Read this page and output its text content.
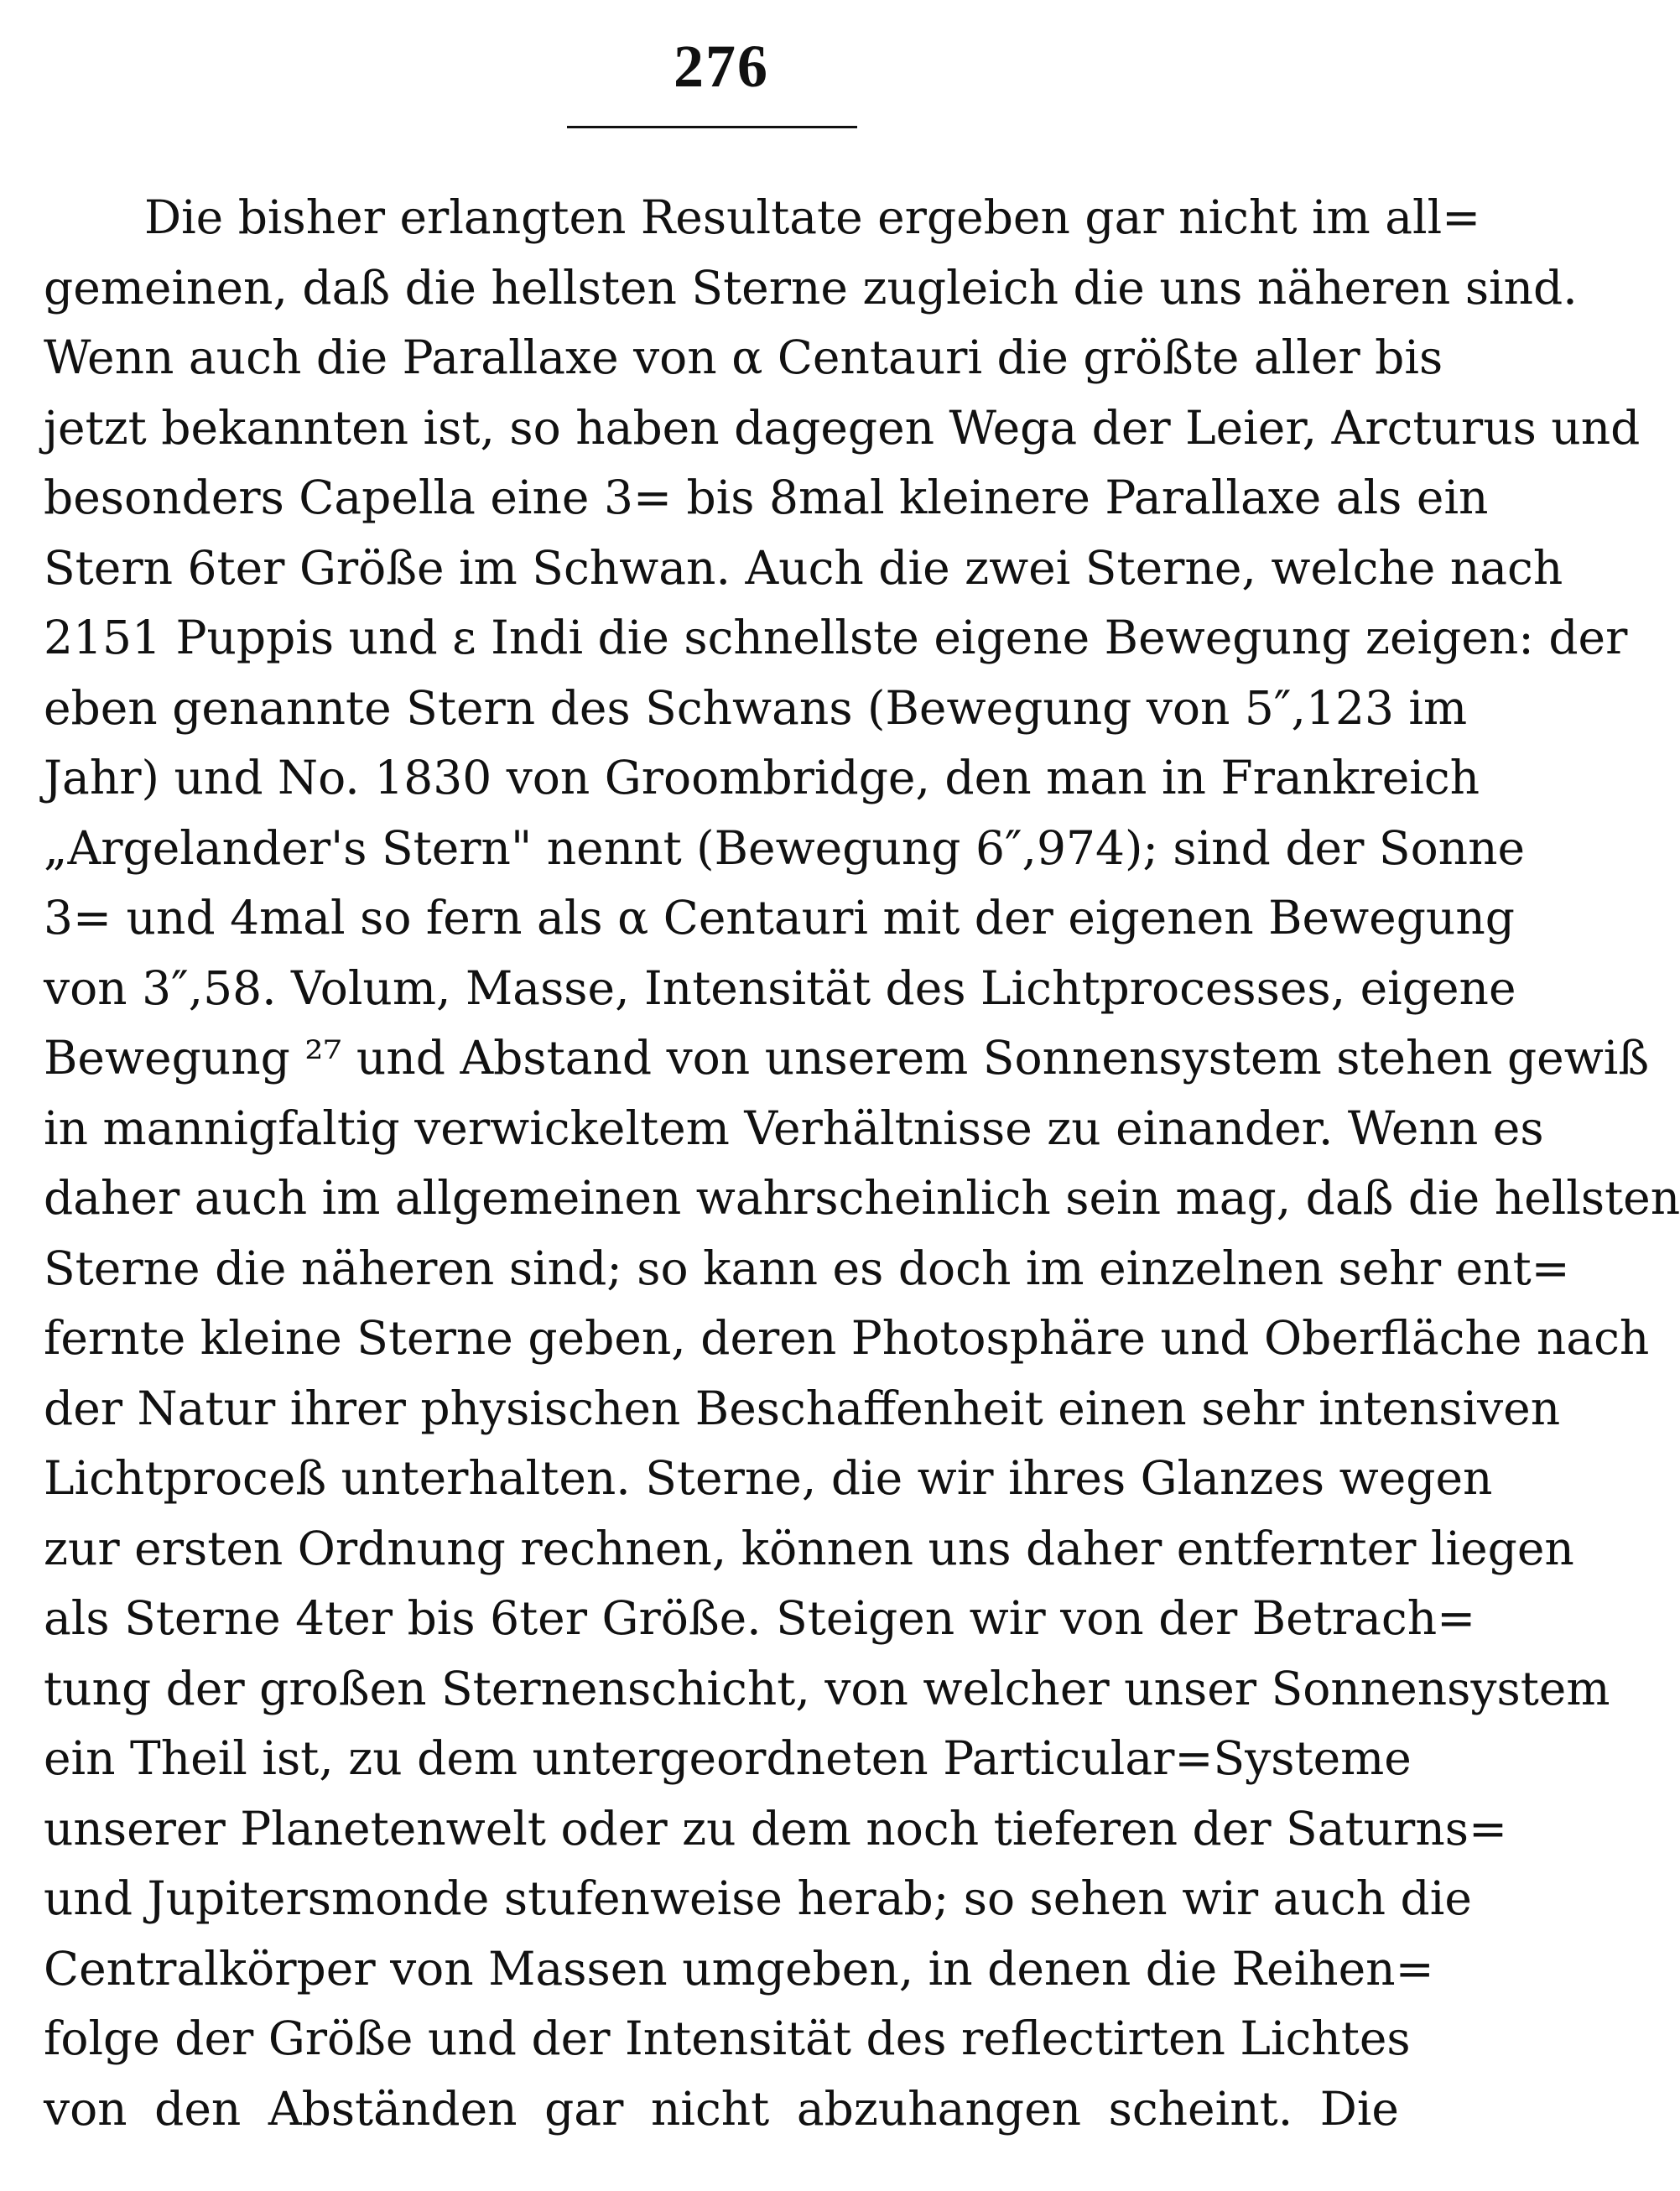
276
Die bisher erlangten Resultate ergeben gar nicht im all=
gemeinen, daß die hellsten Sterne zugleich die uns näheren sind.
Wenn auch die Parallaxe von α Centauri die größte aller bis
jetzt bekannten ist, so haben dagegen Wega der Leier, Arcturus und
besonders Capella eine 3= bis 8mal kleinere Parallaxe als ein
Stern 6ter Größe im Schwan. Auch die zwei Sterne, welche nach
2151 Puppis und ε Indi die schnellste eigene Bewegung zeigen: der
eben genannte Stern des Schwans (Bewegung von 5″,123 im
Jahr) und No. 1830 von Groombridge, den man in Frankreich
„Argelander's Stern" nennt (Bewegung 6″,974); sind der Sonne
3= und 4mal so fern als α Centauri mit der eigenen Bewegung
von 3″,58. Volum, Masse, Intensität des Lichtprocesses, eigene
Bewegung ²⁷ und Abstand von unserem Sonnensystem stehen gewiß
in mannigfaltig verwickeltem Verhältnisse zu einander. Wenn es
daher auch im allgemeinen wahrscheinlich sein mag, daß die hellsten
Sterne die näheren sind; so kann es doch im einzelnen sehr ent=
fernte kleine Sterne geben, deren Photosphäre und Oberfläche nach
der Natur ihrer physischen Beschaffenheit einen sehr intensiven
Lichtproceß unterhalten. Sterne, die wir ihres Glanzes wegen
zur ersten Ordnung rechnen, können uns daher entfernter liegen
als Sterne 4ter bis 6ter Größe. Steigen wir von der Betrach=
tung der großen Sternenschicht, von welcher unser Sonnensystem
ein Theil ist, zu dem untergeordneten Particular=Systeme
unserer Planetenwelt oder zu dem noch tieferen der Saturns=
und Jupitersmonde stufenweise herab; so sehen wir auch die
Centralkörper von Massen umgeben, in denen die Reihen=
folge der Größe und der Intensität des reflectirten Lichtes
von den Abständen gar nicht abzuhangen scheint. Die
